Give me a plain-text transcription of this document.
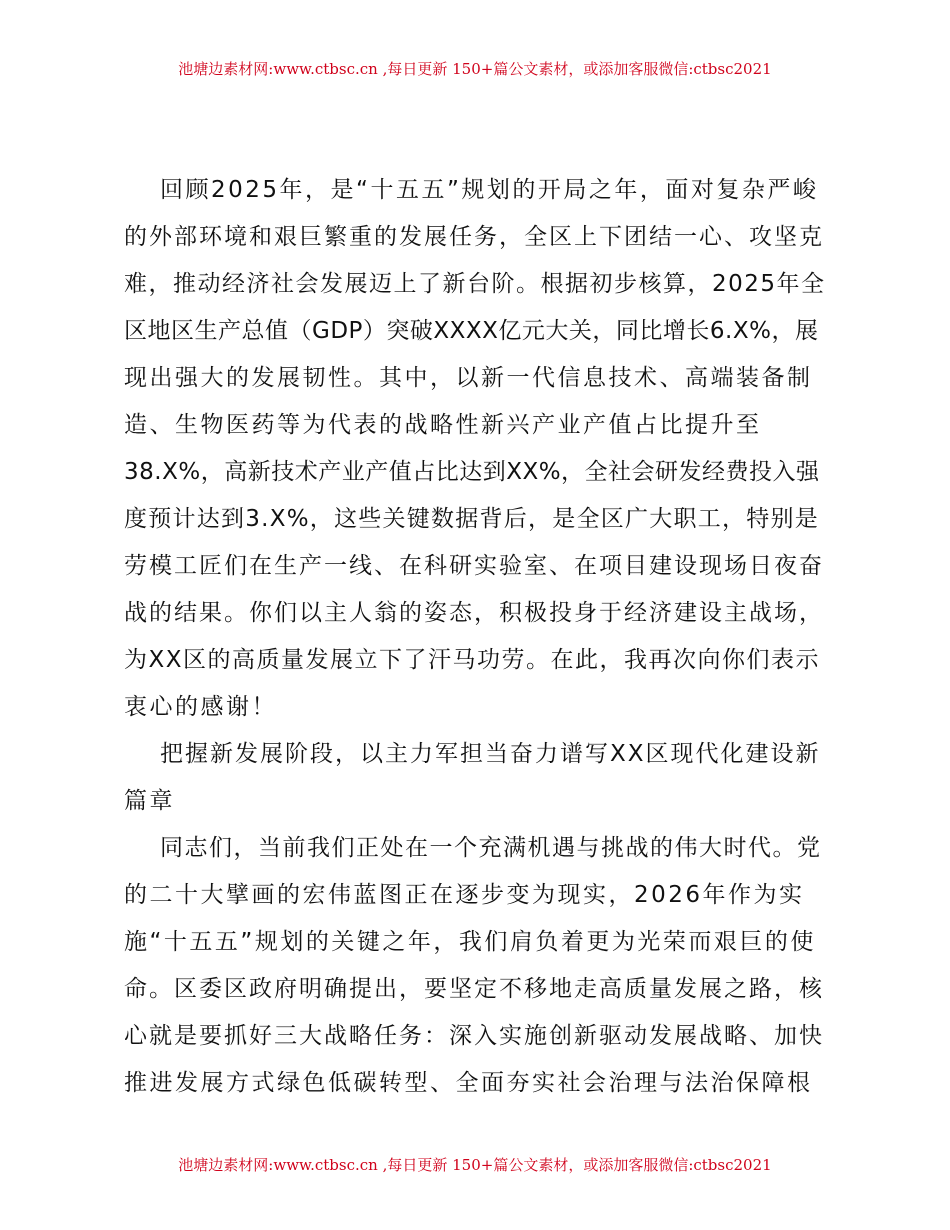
池塘边素材网:www.ctbsc.cn ,每日更新 150+篇公文素材，或添加客服微信:ctbsc2021
回顾2025年，是“十五五”规划的开局之年，面对复杂严峻
的外部环境和艰巨繁重的发展任务，全区上下团结一心、攻坚克
难，推动经济社会发展迈上了新台阶。根据初步核算，2025年全
区地区生产总值（GDP）突破XXXX亿元大关，同比增长6.X%，展
现出强大的发展韧性。其中，以新一代信息技术、高端装备制
造、生物医药等为代表的战略性新兴产业产值占比提升至
38.X%，高新技术产业产值占比达到XX%，全社会研发经费投入强
度预计达到3.X%，这些关键数据背后，是全区广大职工，特别是
劳模工匠们在生产一线、在科研实验室、在项目建设现场日夜奋
战的结果。你们以主人翁的姿态，积极投身于经济建设主战场，
为XX区的高质量发展立下了汗马功劳。在此，我再次向你们表示
衷心的感谢！
把握新发展阶段，以主力军担当奋力谱写XX区现代化建设新
篇章
同志们，当前我们正处在一个充满机遇与挑战的伟大时代。党
的二十大擘画的宏伟蓝图正在逐步变为现实，2026年作为实
施“十五五”规划的关键之年，我们肩负着更为光荣而艰巨的使
命。区委区政府明确提出，要坚定不移地走高质量发展之路，核
心就是要抓好三大战略任务：深入实施创新驱动发展战略、加快
推进发展方式绿色低碳转型、全面夯实社会治理与法治保障根
池塘边素材网:www.ctbsc.cn ,每日更新 150+篇公文素材，或添加客服微信:ctbsc2021
